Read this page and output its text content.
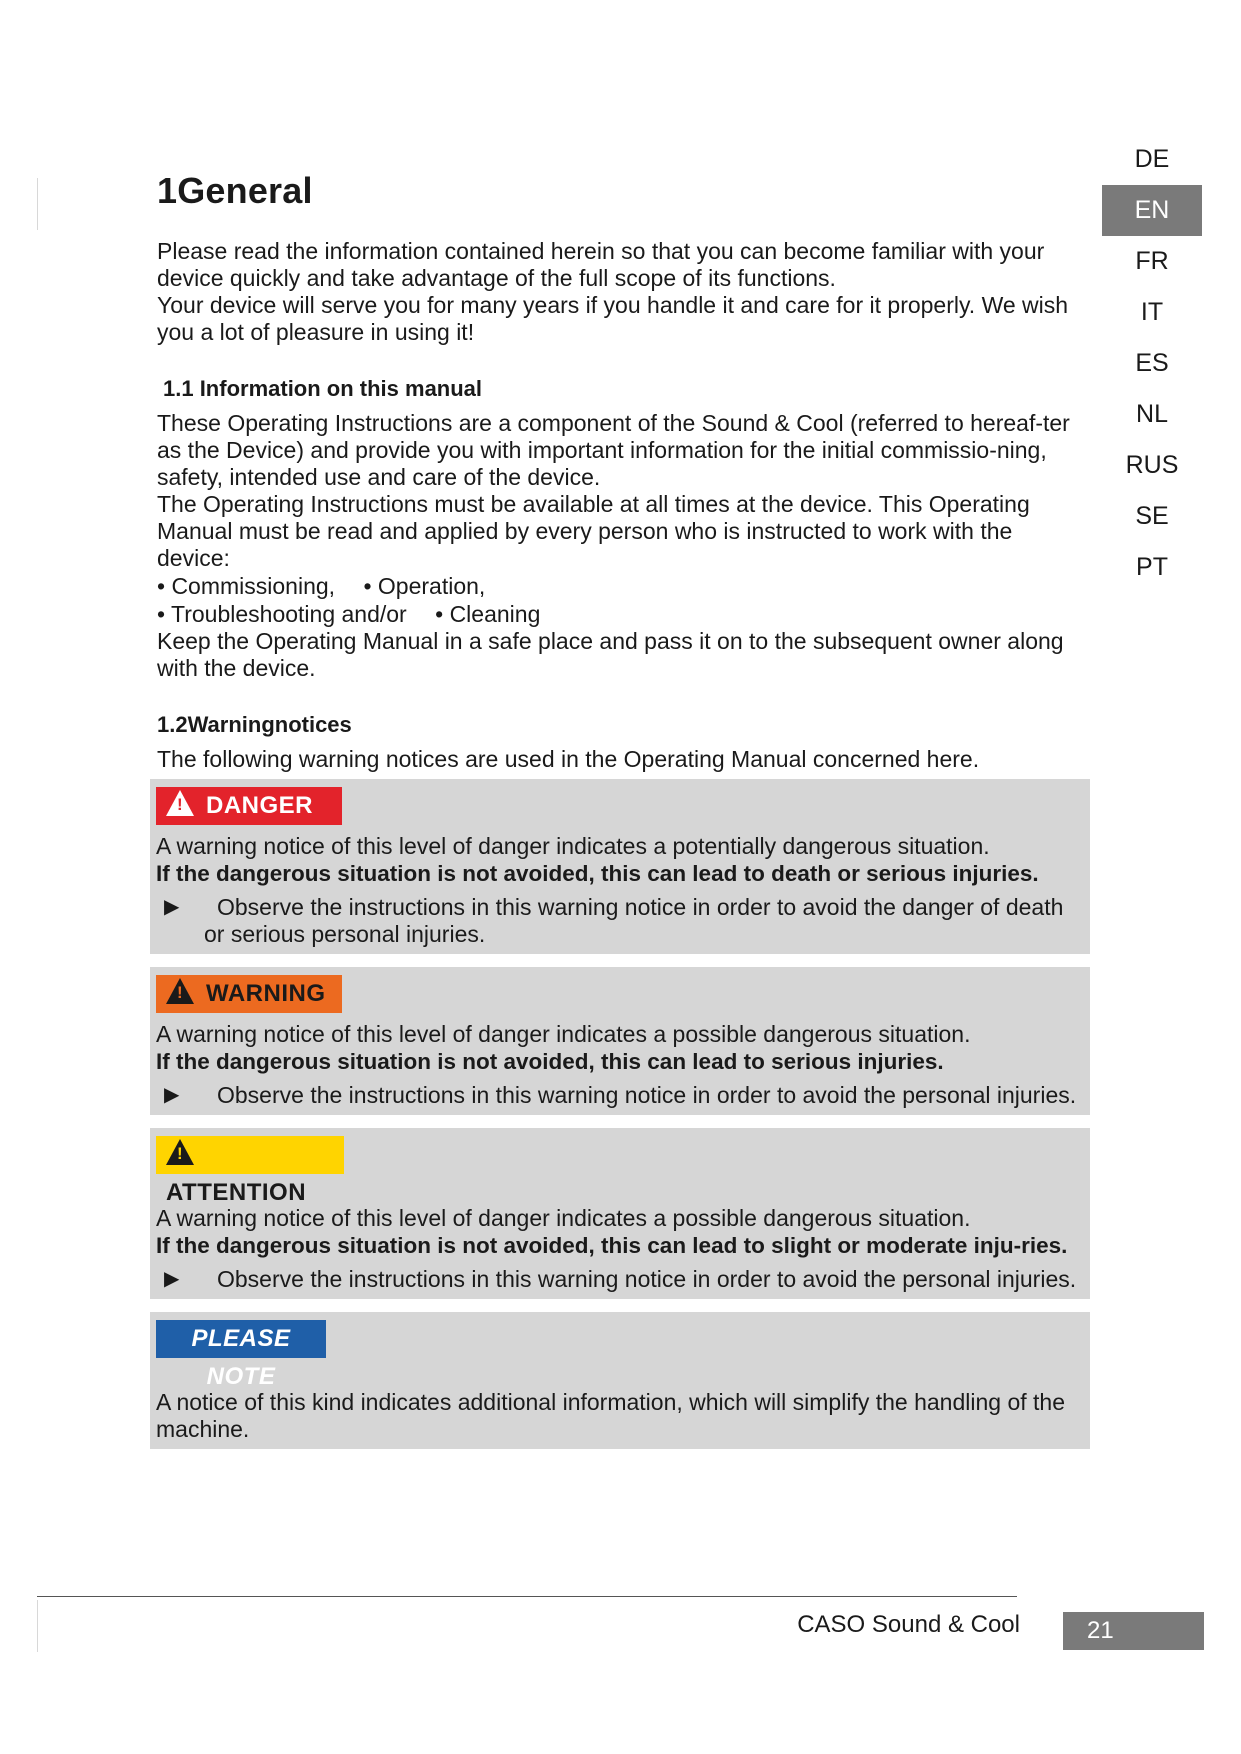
DE
EN
FR
IT
ES
NL
RUS
SE
PT
1General

Please read the information contained herein so that you can become familiar with your device quickly and take advantage of the full scope of its functions.

Your device will serve you for many years if you handle it and care for it properly. We wish you a lot of pleasure in using it!

1.1 Information on this manual

These Operating Instructions are a component of the Sound & Cool (referred to hereaf-ter as the Device) and provide you with important information for the initial commissio-ning, safety, intended use and care of the device.

The Operating Instructions must be available at all times at the device. This Operating Manual must be read and applied by every person who is instructed to work with the device:

• Commissioning, • Operation,
• Troubleshooting and/or • Cleaning

Keep the Operating Manual in a safe place and pass it on to the subsequent owner along with the device.

1.2Warningnotices

The following warning notices are used in the Operating Manual concerned here.

!DANGER

A warning notice of this level of danger indicates a potentially dangerous situation.

If the dangerous situation is not avoided, this can lead to death or serious injuries.

▶	Observe the instructions in this warning notice in order to avoid the danger of death or serious personal injuries.
!WARNING

A warning notice of this level of danger indicates a possible dangerous situation.

If the dangerous situation is not avoided, this can lead to serious injuries.

▶	Observe the instructions in this warning notice in order to avoid the personal injuries.
!ATTENTION

A warning notice of this level of danger indicates a possible dangerous situation.

If the dangerous situation is not avoided, this can lead to slight or moderate inju-ries.

▶	Observe the instructions in this warning notice in order to avoid the personal injuries.
PLEASE NOTE

A notice of this kind indicates additional information, which will simplify the handling of the machine.

CASO Sound & Cool	21
